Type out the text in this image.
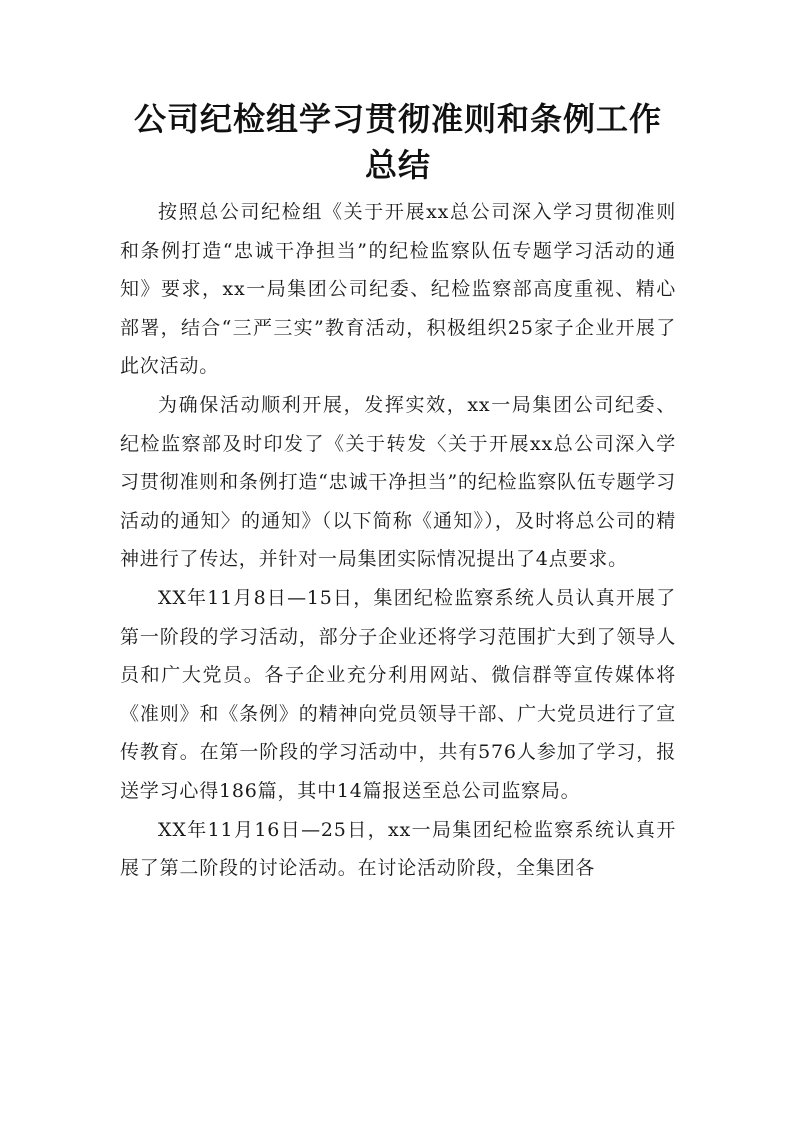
公司纪检组学习贯彻准则和条例工作总结

按照总公司纪检组《关于开展xx总公司深入学习贯彻准则和条例打造“忠诚干净担当”的纪检监察队伍专题学习活动的通知》要求，xx一局集团公司纪委、纪检监察部高度重视、精心部署，结合“三严三实”教育活动，积极组织25家子企业开展了此次活动。

为确保活动顺利开展，发挥实效，xx一局集团公司纪委、纪检监察部及时印发了《关于转发〈关于开展xx总公司深入学习贯彻准则和条例打造“忠诚干净担当”的纪检监察队伍专题学习活动的通知〉的通知》（以下简称《通知》），及时将总公司的精神进行了传达，并针对一局集团实际情况提出了4点要求。

XX年11月8日—15日，集团纪检监察系统人员认真开展了第一阶段的学习活动，部分子企业还将学习范围扩大到了领导人员和广大党员。各子企业充分利用网站、微信群等宣传媒体将《准则》和《条例》的精神向党员领导干部、广大党员进行了宣传教育。在第一阶段的学习活动中，共有576人参加了学习，报送学习心得186篇，其中14篇报送至总公司监察局。

XX年11月16日—25日，xx一局集团纪检监察系统认真开展了第二阶段的讨论活动。在讨论活动阶段，全集团各
